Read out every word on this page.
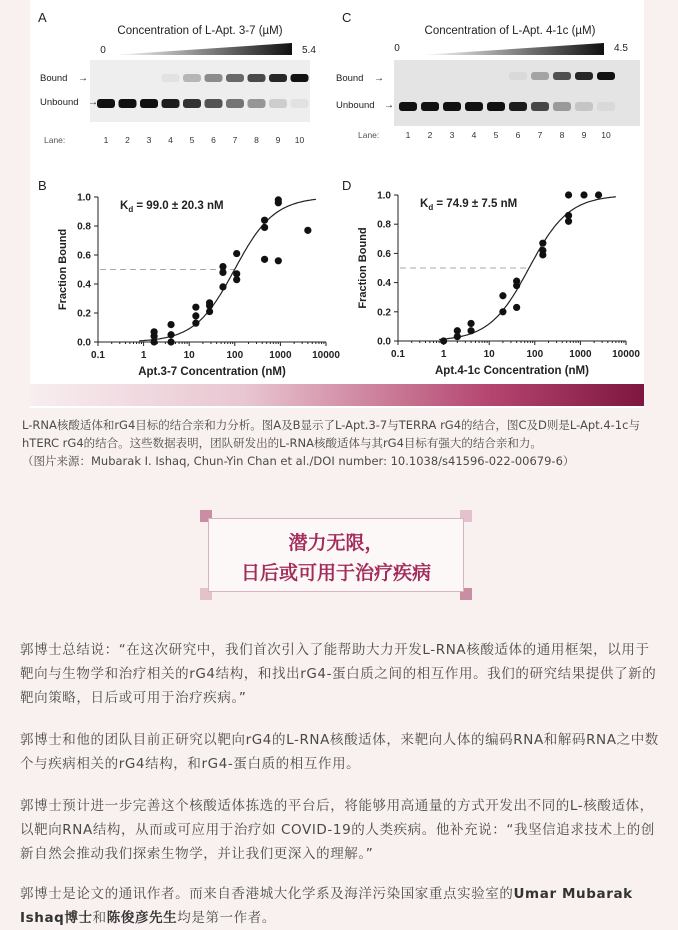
A
Concentration of L-Apt. 3-7 (µM)
0	5.4
Bound →
Unbound →
Lane:	1 2 3 4 5 6 7 8 9 10
C
Concentration of L-Apt. 4-1c (µM)
0	4.5
Bound →
Unbound →
Lane:	1 2 3 4 5 6 7 8 9 10
B
0.0
0.2
0.4
0.6
0.8
1.0
0.1	1	10	100	1000 10000
$K_d = 99.0 \pm 20.3$ nM
Apt.3-7 Concentration (nM)
Fraction Bound
D
0.0
0.2
0.4
0.6
0.8
1.0
0.1	1	10	100	1000 10000
$K_d = 74.9 \pm 7.5$ nM
Apt.4-1c Concentration (nM)
Fraction Bound
L-RNA核酸适体和rG4目标的结合亲和力分析。图A及B显示了L-Apt.3-7与TERRA rG4的结合，图C及D则是L-Apt.4-1c与hTERC rG4的结合。这些数据表明，团队研发出的L-RNA核酸适体与其rG4目标有强大的结合亲和力。
（图片来源：Mubarak I. Ishaq, Chun-Yin Chan et al./DOI number: 10.1038/s41596-022-00679-6）
潜力无限，
日后或可用于治疗疾病
郭博士总结说：“在这次研究中，我们首次引入了能帮助大力开发L-RNA核酸适体的通用框架，以用于靶向与生物学和治疗相关的rG4结构，和找出rG4-蛋白质之间的相互作用。我们的研究结果提供了新的靶向策略，日后或可用于治疗疾病。”
郭博士和他的团队目前正研究以靶向rG4的L-RNA核酸适体，来靶向人体的编码RNA和解码RNA之中数个与疾病相关的rG4结构，和rG4-蛋白质的相互作用。
郭博士预计进一步完善这个核酸适体拣选的平台后，将能够用高通量的方式开发出不同的L-核酸适体，以靶向RNA结构，从而或可应用于治疗如 COVID-19的人类疾病。他补充说：“我坚信追求技术上的创新自然会推动我们探索生物学，并让我们更深入的理解。”
郭博士是论文的通讯作者。而来自香港城大化学系及海洋污染国家重点实验室的Umar Mubarak Ishaq博士和陈俊彦先生均是第一作者。
